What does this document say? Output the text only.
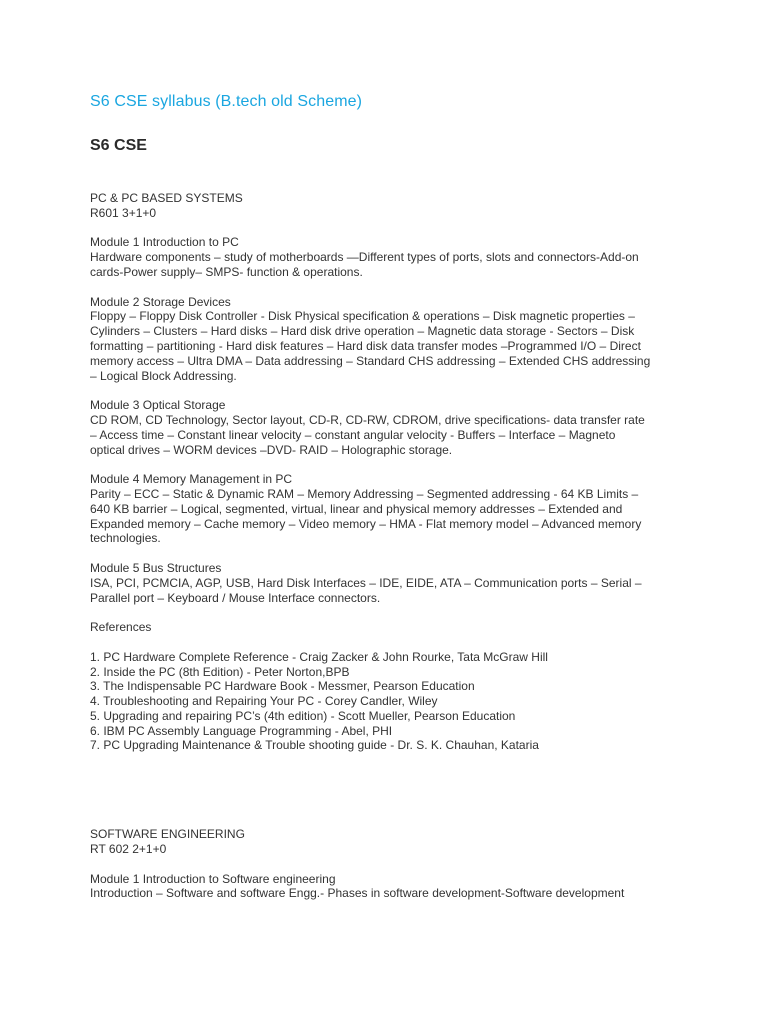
S6 CSE syllabus (B.tech old Scheme)
S6 CSE
PC & PC BASED SYSTEMS
R601 3+1+0
Module 1 Introduction to PC
Hardware components – study of motherboards —Different types of ports, slots and connectors-Add-on
cards-Power supply– SMPS- function & operations.
Module 2 Storage Devices
Floppy – Floppy Disk Controller - Disk Physical specification & operations – Disk magnetic properties –
Cylinders – Clusters – Hard disks – Hard disk drive operation – Magnetic data storage - Sectors – Disk
formatting – partitioning - Hard disk features – Hard disk data transfer modes –Programmed I/O – Direct
memory access – Ultra DMA – Data addressing – Standard CHS addressing – Extended CHS addressing
– Logical Block Addressing.
Module 3 Optical Storage
CD ROM, CD Technology, Sector layout, CD-R, CD-RW, CDROM, drive specifications- data transfer rate
– Access time – Constant linear velocity – constant angular velocity - Buffers – Interface – Magneto
optical drives – WORM devices –DVD- RAID – Holographic storage.
Module 4 Memory Management in PC
Parity – ECC – Static & Dynamic RAM – Memory Addressing – Segmented addressing - 64 KB Limits –
640 KB barrier – Logical, segmented, virtual, linear and physical memory addresses – Extended and
Expanded memory – Cache memory – Video memory – HMA - Flat memory model – Advanced memory
technologies.
Module 5 Bus Structures
ISA, PCI, PCMCIA, AGP, USB, Hard Disk Interfaces – IDE, EIDE, ATA – Communication ports – Serial –
Parallel port – Keyboard / Mouse Interface connectors.
References
1. PC Hardware Complete Reference - Craig Zacker & John Rourke, Tata McGraw Hill
2. Inside the PC (8th Edition) - Peter Norton,BPB
3. The Indispensable PC Hardware Book - Messmer, Pearson Education
4. Troubleshooting and Repairing Your PC - Corey Candler, Wiley
5. Upgrading and repairing PC’s (4th edition) - Scott Mueller, Pearson Education
6. IBM PC Assembly Language Programming - Abel, PHI
7. PC Upgrading Maintenance & Trouble shooting guide - Dr. S. K. Chauhan, Kataria
SOFTWARE ENGINEERING
RT 602 2+1+0
Module 1 Introduction to Software engineering
Introduction – Software and software Engg.- Phases in software development-Software development
